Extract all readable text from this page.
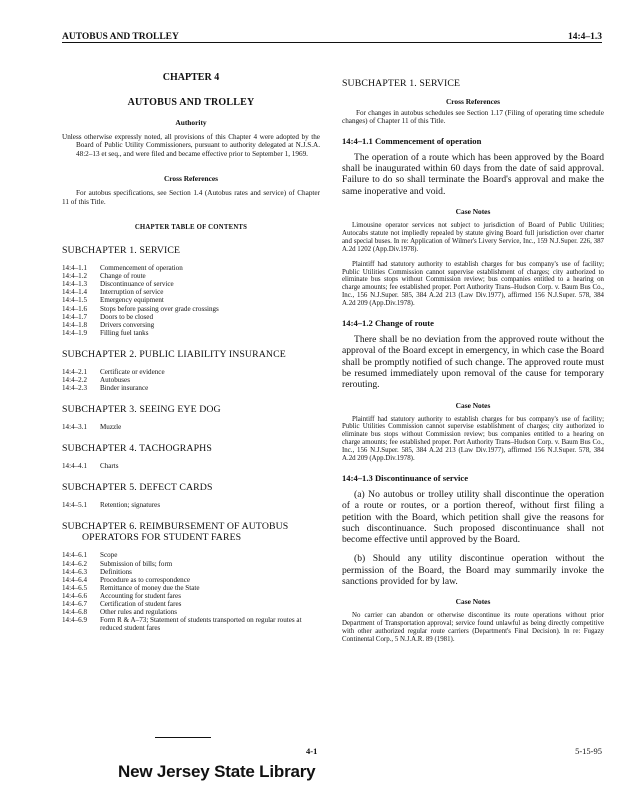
AUTOBUS AND TROLLEY	14:4–1.3
CHAPTER 4
AUTOBUS AND TROLLEY
Authority
Unless otherwise expressly noted, all provisions of this Chapter 4 were adopted by the Board of Public Utility Commissioners, pursuant to authority delegated at N.J.S.A. 48:2–13 et seq., and were filed and became effective prior to September 1, 1969.
Cross References
For autobus specifications, see Section 1.4 (Autobus rates and service) of Chapter 11 of this Title.
CHAPTER TABLE OF CONTENTS
SUBCHAPTER 1. SERVICE
14:4–1.1	Commencement of operation
14:4–1.2	Change of route
14:4–1.3	Discontinuance of service
14:4–1.4	Interruption of service
14:4–1.5	Emergency equipment
14:4–1.6	Stops before passing over grade crossings
14:4–1.7	Doors to be closed
14:4–1.8	Drivers conversing
14:4–1.9	Filling fuel tanks
SUBCHAPTER 2. PUBLIC LIABILITY INSURANCE
14:4–2.1	Certificate or evidence
14:4–2.2	Autobuses
14:4–2.3	Binder insurance
SUBCHAPTER 3. SEEING EYE DOG
14:4–3.1	Muzzle
SUBCHAPTER 4. TACHOGRAPHS
14:4–4.1	Charts
SUBCHAPTER 5. DEFECT CARDS
14:4–5.1	Retention; signatures
SUBCHAPTER 6. REIMBURSEMENT OF AUTOBUS OPERATORS FOR STUDENT FARES
14:4–6.1	Scope
14:4–6.2	Submission of bills; form
14:4–6.3	Definitions
14:4–6.4	Procedure as to correspondence
14:4–6.5	Remittance of money due the State
14:4–6.6	Accounting for student fares
14:4–6.7	Certification of student fares
14:4–6.8	Other rules and regulations
14:4–6.9	Form R & A–73; Statement of students transported on regular routes at reduced student fares
SUBCHAPTER 1. SERVICE
Cross References
For changes in autobus schedules see Section 1.17 (Filing of operating time schedule changes) of Chapter 11 of this Title.
14:4–1.1 Commencement of operation
The operation of a route which has been approved by the Board shall be inaugurated within 60 days from the date of said approval. Failure to do so shall terminate the Board's approval and make the same inoperative and void.
Case Notes
Limousine operator services not subject to jurisdiction of Board of Public Utilities; Autocabs statute not impliedly repealed by statute giving Board full jurisdiction over charter and special buses. In re: Application of Wilmer's Livery Service, Inc., 159 N.J.Super. 226, 387 A.2d 1202 (App.Div.1978).
Plaintiff had statutory authority to establish charges for bus company's use of facility; Public Utilities Commission cannot supervise establishment of charges; city authorized to eliminate bus stops without Commission review; bus companies entitled to a hearing on charge amounts; fee established proper. Port Authority Trans–Hudson Corp. v. Baum Bus Co., Inc., 156 N.J.Super. 585, 384 A.2d 213 (Law Div.1977), affirmed 156 N.J.Super. 578, 384 A.2d 209 (App.Div.1978).
14:4–1.2 Change of route
There shall be no deviation from the approved route without the approval of the Board except in emergency, in which case the Board shall be promptly notified of such change. The approved route must be resumed immediately upon removal of the cause for temporary rerouting.
Case Notes
Plaintiff had statutory authority to establish charges for bus company's use of facility; Public Utilities Commission cannot supervise establishment of charges; city authorized to eliminate bus stops without Commission review; bus companies entitled to a hearing on charge amounts; fee established proper. Port Authority Trans–Hudson Corp. v. Baum Bus Co., Inc., 156 N.J.Super. 585, 384 A.2d 213 (Law Div.1977), affirmed 156 N.J.Super. 578, 384 A.2d 209 (App.Div.1978).
14:4–1.3 Discontinuance of service
(a) No autobus or trolley utility shall discontinue the operation of a route or routes, or a portion thereof, without first filing a petition with the Board, which petition shall give the reasons for such discontinuance. Such proposed discontinuance shall not become effective until approved by the Board.
(b) Should any utility discontinue operation without the permission of the Board, the Board may summarily invoke the sanctions provided for by law.
Case Notes
No carrier can abandon or otherwise discontinue its route operations without prior Department of Transportation approval; service found unlawful as being directly competitive with other authorized regular route carriers (Department's Final Decision). In re: Fugazy Continental Corp., 5 N.J.A.R. 89 (1981).
4-1	5-15-95
New Jersey State Library
